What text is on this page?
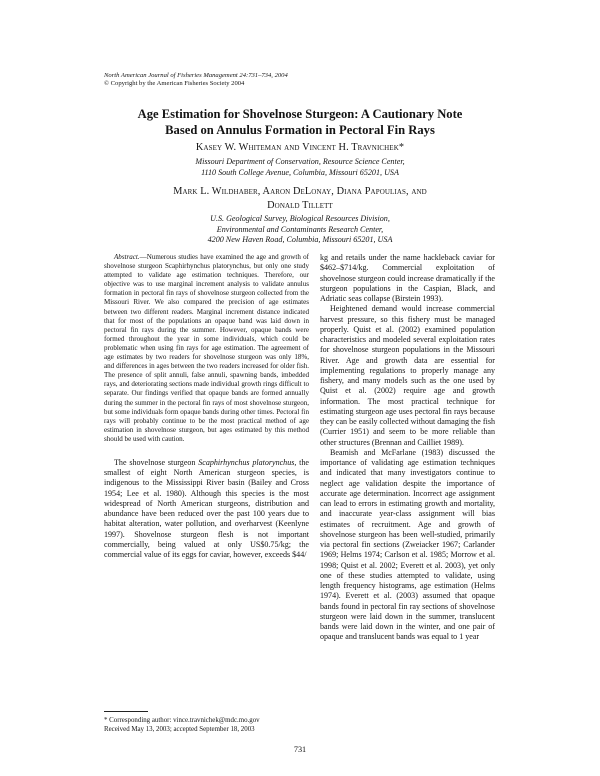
North American Journal of Fisheries Management 24:731–734, 2004
© Copyright by the American Fisheries Society 2004
Age Estimation for Shovelnose Sturgeon: A Cautionary Note
Based on Annulus Formation in Pectoral Fin Rays
Kasey W. Whiteman and Vincent H. Travnichek*
Missouri Department of Conservation, Resource Science Center,
1110 South College Avenue, Columbia, Missouri 65201, USA
Mark L. Wildhaber, Aaron DeLonay, Diana Papoulias, and
Donald Tillett
U.S. Geological Survey, Biological Resources Division,
Environmental and Contaminants Research Center,
4200 New Haven Road, Columbia, Missouri 65201, USA

Abstract.—Numerous studies have examined the age and growth of shovelnose sturgeon Scaphirhynchus platorynchus, but only one study attempted to validate age estimation techniques. Therefore, our objective was to use marginal increment analysis to validate annulus formation in pectoral fin rays of shovelnose sturgeon collected from the Missouri River. We also compared the precision of age estimates between two different readers. Marginal increment distance indicated that for most of the populations an opaque band was laid down in pectoral fin rays during the summer. However, opaque bands were formed throughout the year in some individuals, which could be problematic when using fin rays for age estimation. The agreement of age estimates by two readers for shovelnose sturgeon was only 18%, and differences in ages between the two readers increased for older fish. The presence of split annuli, false annuli, spawning bands, imbedded rays, and deteriorating sections made individual growth rings difficult to separate. Our findings verified that opaque bands are formed annually during the summer in the pectoral fin rays of most shovelnose sturgeon, but some individuals form opaque bands during other times. Pectoral fin rays will probably continue to be the most practical method of age estimation in shovelnose sturgeon, but ages estimated by this method should be used with caution.

The shovelnose sturgeon Scaphirhynchus platorynchus, the smallest of eight North American sturgeon species, is indigenous to the Mississippi River basin (Bailey and Cross 1954; Lee et al. 1980). Although this species is the most widespread of North American sturgeons, distribution and abundance have been reduced over the past 100 years due to habitat alteration, water pollution, and overharvest (Keenlyne 1997). Shovelnose sturgeon flesh is not important commercially, being valued at only US$0.75/kg; the commercial value of its eggs for caviar, however, exceeds $44/

kg and retails under the name hackleback caviar for $462–$714/kg. Commercial exploitation of shovelnose sturgeon could increase dramatically if the sturgeon populations in the Caspian, Black, and Adriatic seas collapse (Birstein 1993).

Heightened demand would increase commercial harvest pressure, so this fishery must be managed properly. Quist et al. (2002) examined population characteristics and modeled several exploitation rates for shovelnose sturgeon populations in the Missouri River. Age and growth data are essential for implementing regulations to properly manage any fishery, and many models such as the one used by Quist et al. (2002) require age and growth information. The most practical technique for estimating sturgeon age uses pectoral fin rays because they can be easily collected without damaging the fish (Currier 1951) and seem to be more reliable than other structures (Brennan and Cailliet 1989).

Beamish and McFarlane (1983) discussed the importance of validating age estimation techniques and indicated that many investigators continue to neglect age validation despite the importance of accurate age determination. Incorrect age assignment can lead to errors in estimating growth and mortality, and inaccurate year-class assignment will bias estimates of recruitment. Age and growth of shovelnose sturgeon has been well-studied, primarily via pectoral fin sections (Zweiacker 1967; Carlander 1969; Helms 1974; Carlson et al. 1985; Morrow et al. 1998; Quist et al. 2002; Everett et al. 2003), yet only one of these studies attempted to validate, using length frequency histograms, age estimation (Helms 1974). Everett et al. (2003) assumed that opaque bands found in pectoral fin ray sections of shovelnose sturgeon were laid down in the summer, translucent bands were laid down in the winter, and one pair of opaque and translucent bands was equal to 1 year

* Corresponding author: vince.travnichek@mdc.mo.gov
Received May 13, 2003; accepted September 18, 2003
731
